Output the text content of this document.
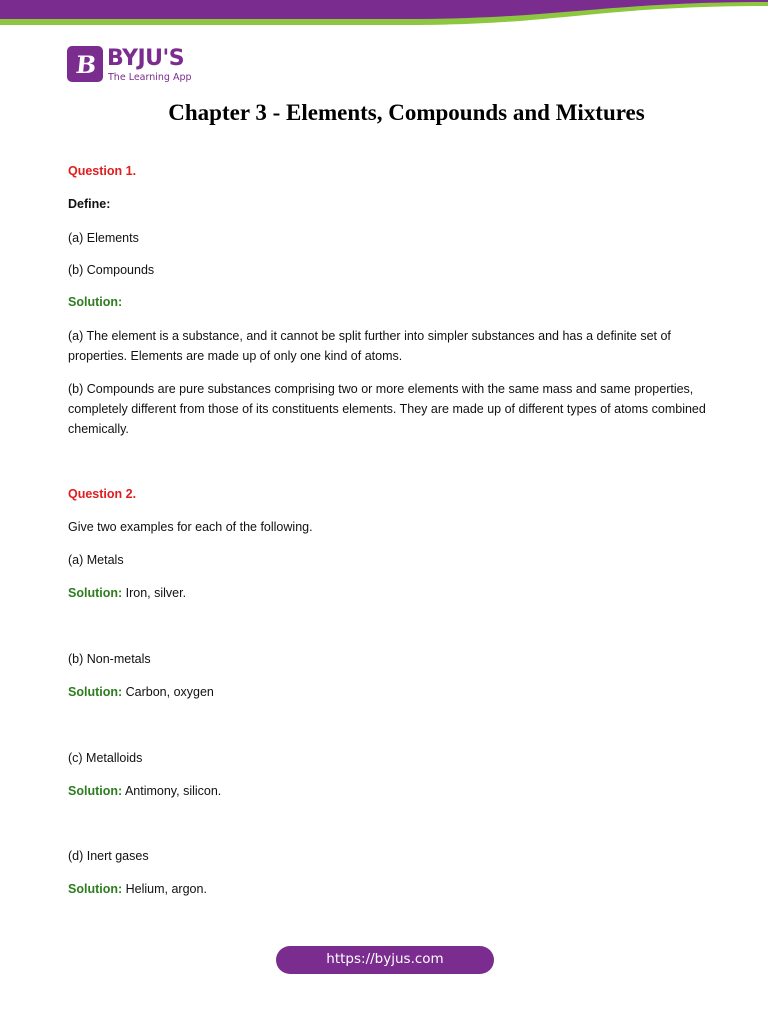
B BYJU'S
The Learning App
Chapter 3 - Elements, Compounds and Mixtures

Question 1.

Define:

(a) Elements

(b) Compounds

Solution:

(a) The element is a substance, and it cannot be split further into simpler substances and has a definite set of properties. Elements are made up of only one kind of atoms.

(b) Compounds are pure substances comprising two or more elements with the same mass and same properties, completely different from those of its constituents elements. They are made up of different types of atoms combined chemically.

Question 2.

Give two examples for each of the following.

(a) Metals

Solution: Iron, silver.

(b) Non-metals

Solution: Carbon, oxygen

(c) Metalloids

Solution: Antimony, silicon.

(d) Inert gases

Solution: Helium, argon.

https://byjus.com
